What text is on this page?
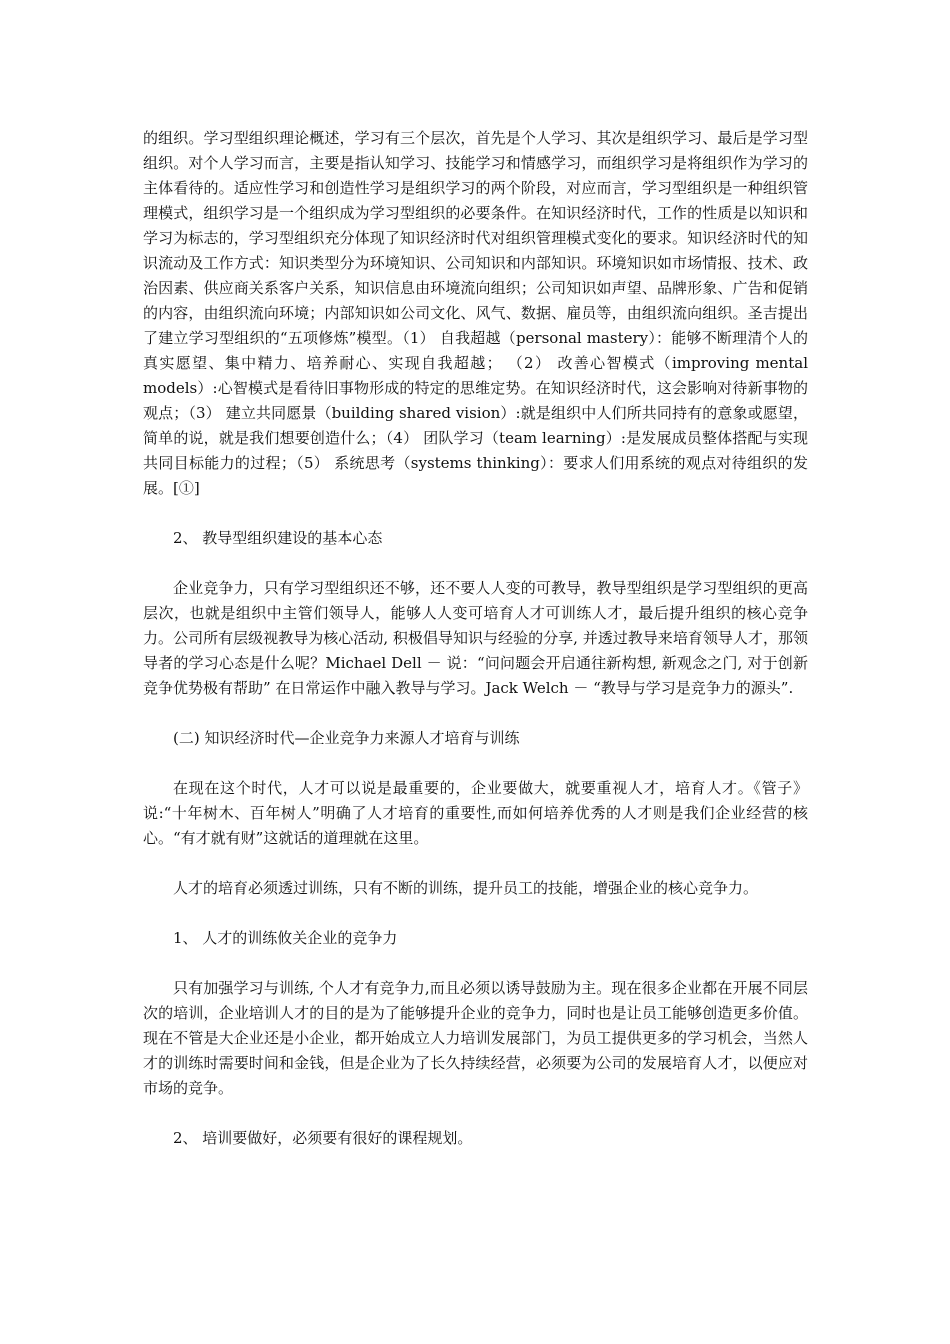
的组织。学习型组织理论概述，学习有三个层次，首先是个人学习、其次是组织学习、最后是学习型组织。对个人学习而言，主要是指认知学习、技能学习和情感学习，而组织学习是将组织作为学习的主体看待的。适应性学习和创造性学习是组织学习的两个阶段，对应而言，学习型组织是一种组织管理模式，组织学习是一个组织成为学习型组织的必要条件。在知识经济时代，工作的性质是以知识和学习为标志的，学习型组织充分体现了知识经济时代对组织管理模式变化的要求。知识经济时代的知识流动及工作方式：知识类型分为环境知识、公司知识和内部知识。环境知识如市场情报、技术、政治因素、供应商关系客户关系，知识信息由环境流向组织；公司知识如声望、品牌形象、广告和促销的内容，由组织流向环境；内部知识如公司文化、风气、数据、雇员等，由组织流向组织。圣吉提出了建立学习型组织的“五项修炼”模型。（1） 自我超越（personal mastery）：能够不断理清个人的真实愿望、集中精力、培养耐心、实现自我超越； （2） 改善心智模式（improving mental models）:心智模式是看待旧事物形成的特定的思维定势。在知识经济时代，这会影响对待新事物的观点；（3） 建立共同愿景（building shared vision）:就是组织中人们所共同持有的意象或愿望，简单的说，就是我们想要创造什么；（4） 团队学习（team learning）:是发展成员整体搭配与实现共同目标能力的过程；（5） 系统思考（systems thinking）：要求人们用系统的观点对待组织的发展。[①]

2、 教导型组织建设的基本心态

企业竞争力，只有学习型组织还不够，还不要人人变的可教导，教导型组织是学习型组织的更高层次，也就是组织中主管们领导人，能够人人变可培育人才可训练人才，最后提升组织的核心竞争力。公司所有层级视教导为核心活动, 积极倡导知识与经验的分享, 并透过教导来培育领导人才，那领导者的学习心态是什么呢？Michael Dell － 说：“问问题会开启通往新构想, 新观念之门, 对于创新竞争优势极有帮助” 在日常运作中融入教导与学习。Jack Welch － “教导与学习是竞争力的源头”.

(二) 知识经济时代—企业竞争力来源人才培育与训练

在现在这个时代，人才可以说是最重要的，企业要做大，就要重视人才，培育人才。《管子》说:“十年树木、百年树人”明确了人才培育的重要性,而如何培养优秀的人才则是我们企业经营的核心。“有才就有财”这就话的道理就在这里。

人才的培育必须透过训练，只有不断的训练，提升员工的技能，增强企业的核心竞争力。

1、 人才的训练攸关企业的竞争力

只有加强学习与训练, 个人才有竞争力,而且必须以诱导鼓励为主。现在很多企业都在开展不同层次的培训，企业培训人才的目的是为了能够提升企业的竞争力，同时也是让员工能够创造更多价值。现在不管是大企业还是小企业，都开始成立人力培训发展部门，为员工提供更多的学习机会，当然人才的训练时需要时间和金钱，但是企业为了长久持续经营，必须要为公司的发展培育人才，以便应对市场的竞争。

2、 培训要做好，必须要有很好的课程规划。
